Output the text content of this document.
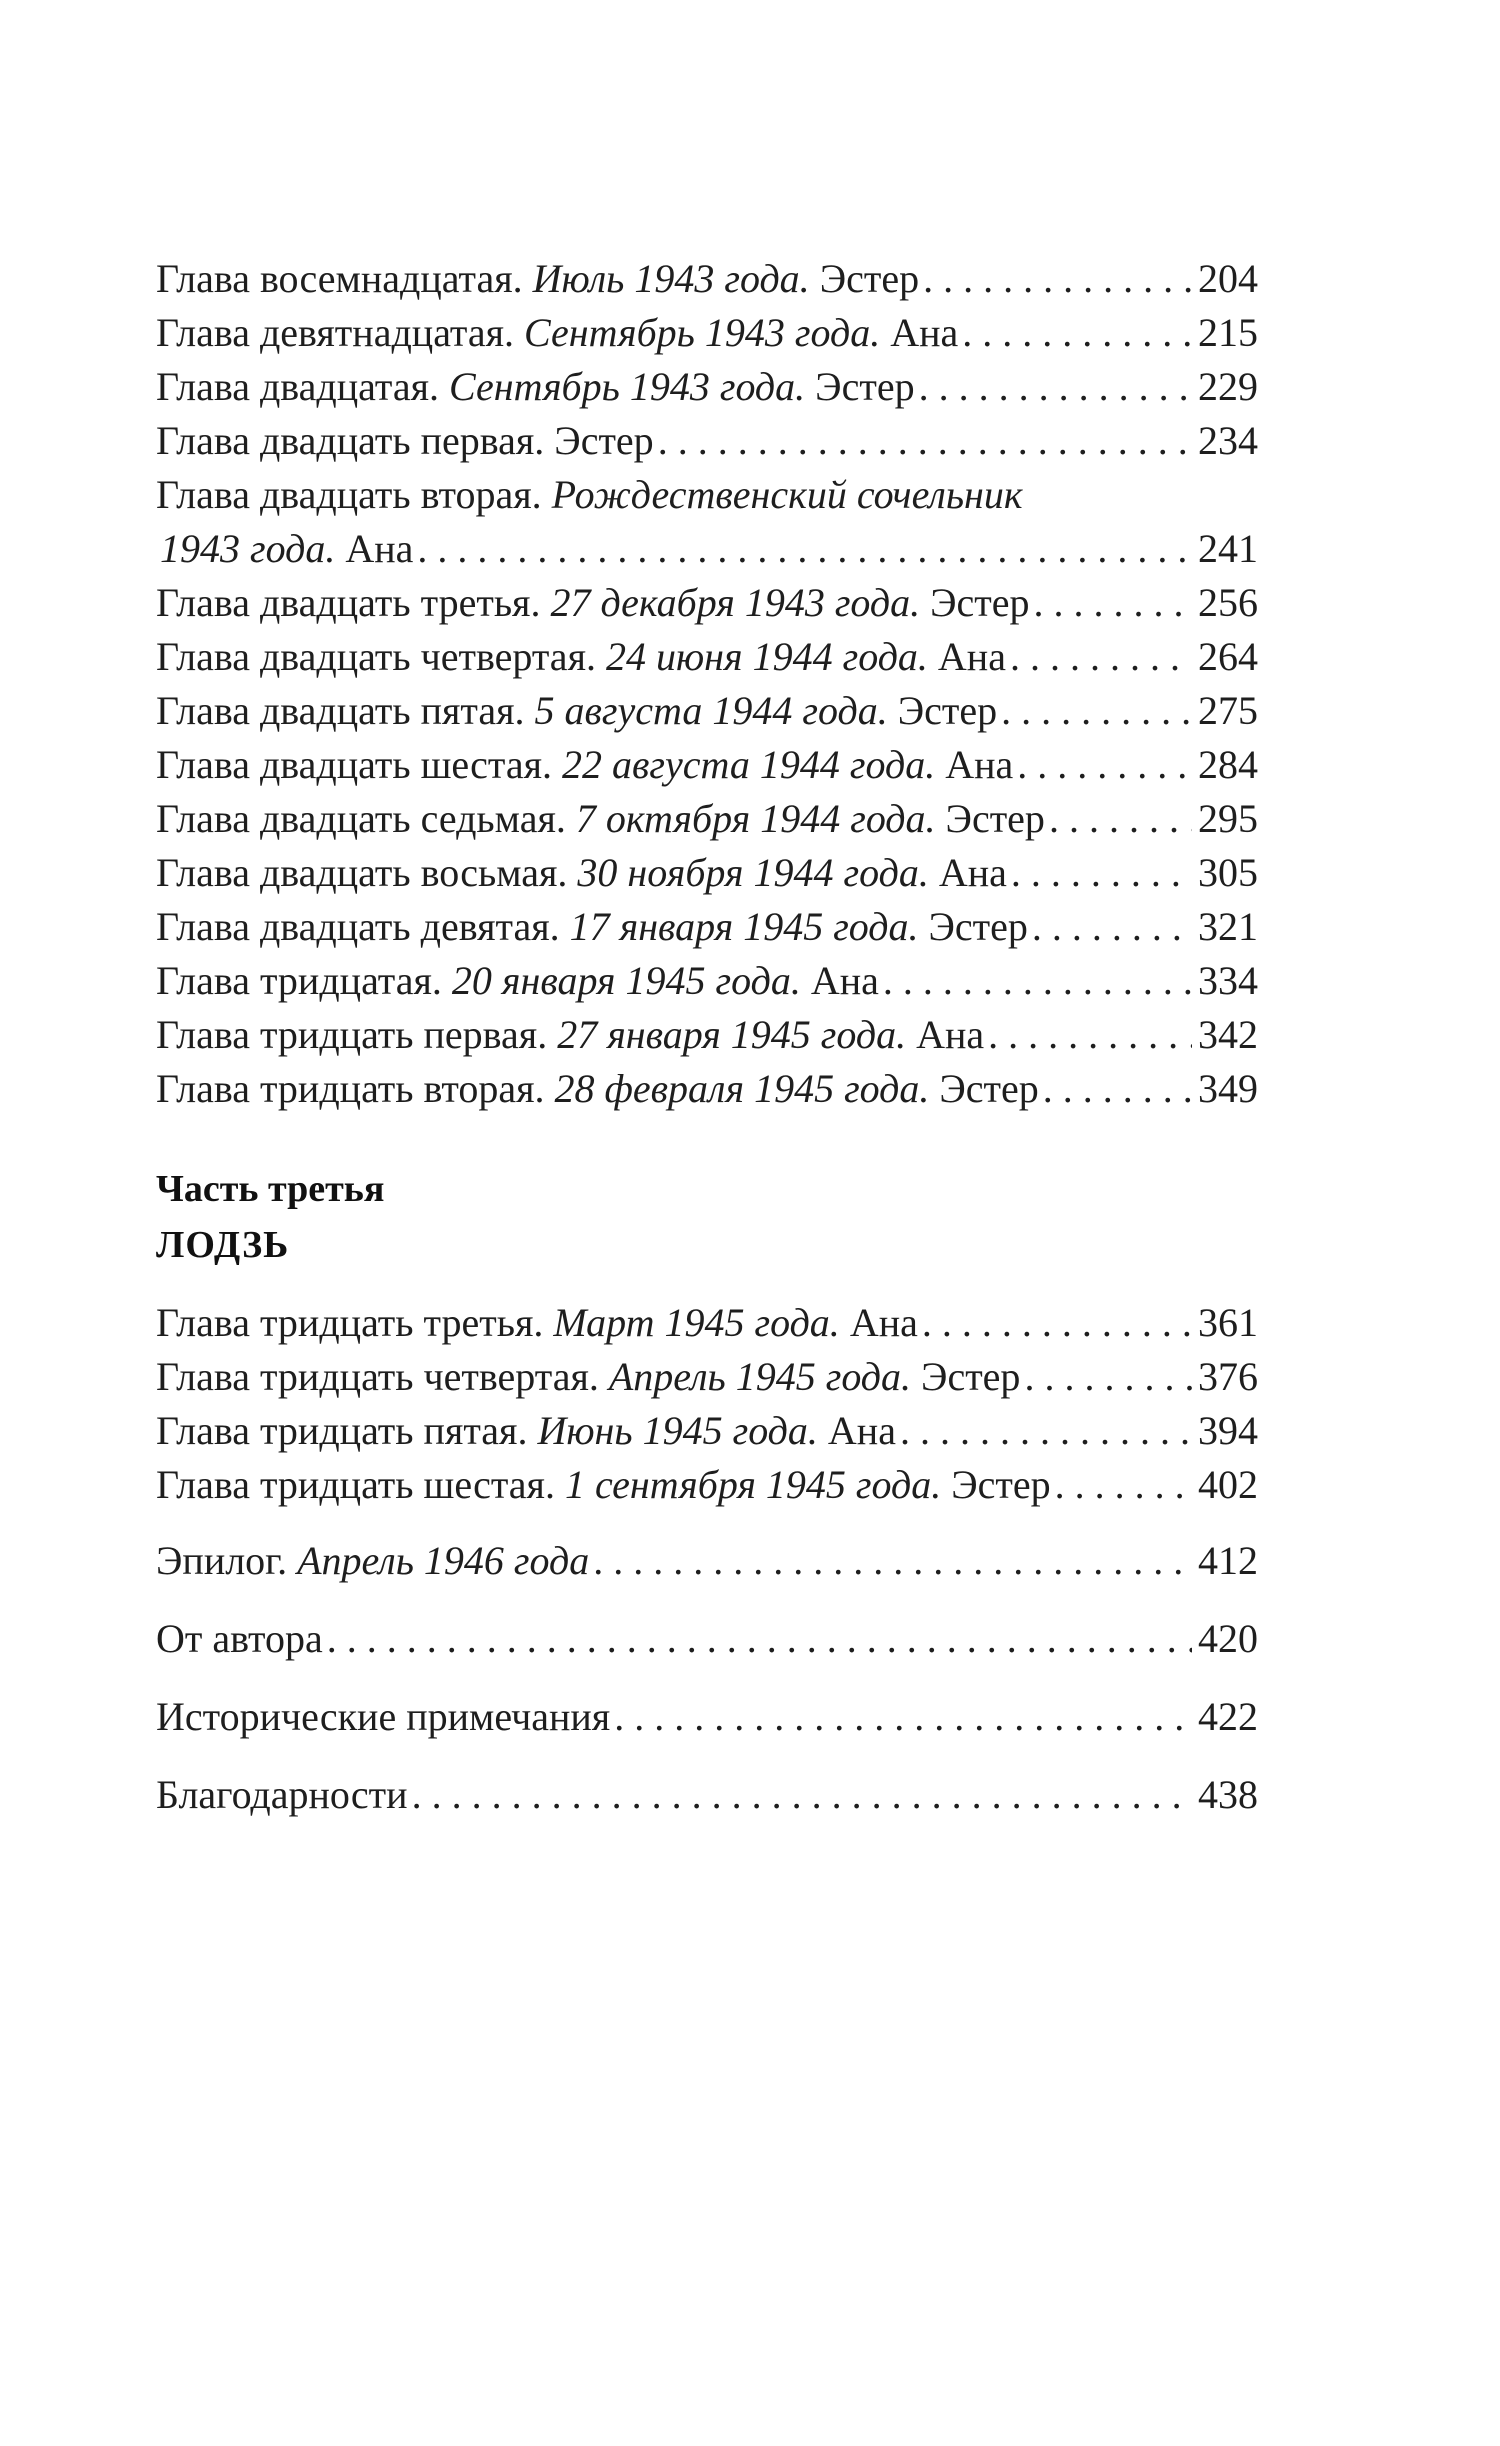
Глава восемнадцатая. Июль 1943 года. Эстер . . .	204
Глава девятнадцатая. Сентябрь 1943 года. Ана . . .	215
Глава двадцатая. Сентябрь 1943 года. Эстер . . .	229
Глава двадцать первая. Эстер . . .	234
Глава двадцать вторая. Рождественский сочельник
1943 года. Ана . . .	241
Глава двадцать третья. 27 декабря 1943 года. Эстер . . .	256
Глава двадцать четвертая. 24 июня 1944 года. Ана . . .	264
Глава двадцать пятая. 5 августа 1944 года. Эстер . . .	275
Глава двадцать шестая. 22 августа 1944 года. Ана . . .	284
Глава двадцать седьмая. 7 октября 1944 года. Эстер . . .	295
Глава двадцать восьмая. 30 ноября 1944 года. Ана . . .	305
Глава двадцать девятая. 17 января 1945 года. Эстер . . .	321
Глава тридцатая. 20 января 1945 года. Ана . . .	334
Глава тридцать первая. 27 января 1945 года. Ана . . .	342
Глава тридцать вторая. 28 февраля 1945 года. Эстер . . .	349
Часть третья
ЛОДЗЬ
Глава тридцать третья. Март 1945 года. Ана . . .	361
Глава тридцать четвертая. Апрель 1945 года. Эстер . . .	376
Глава тридцать пятая. Июнь 1945 года. Ана . . .	394
Глава тридцать шестая. 1 сентября 1945 года. Эстер . . .	402
Эпилог. Апрель 1946 года . . .	412
От автора . . .	420
Исторические примечания . . .	422
Благодарности . . .	438
